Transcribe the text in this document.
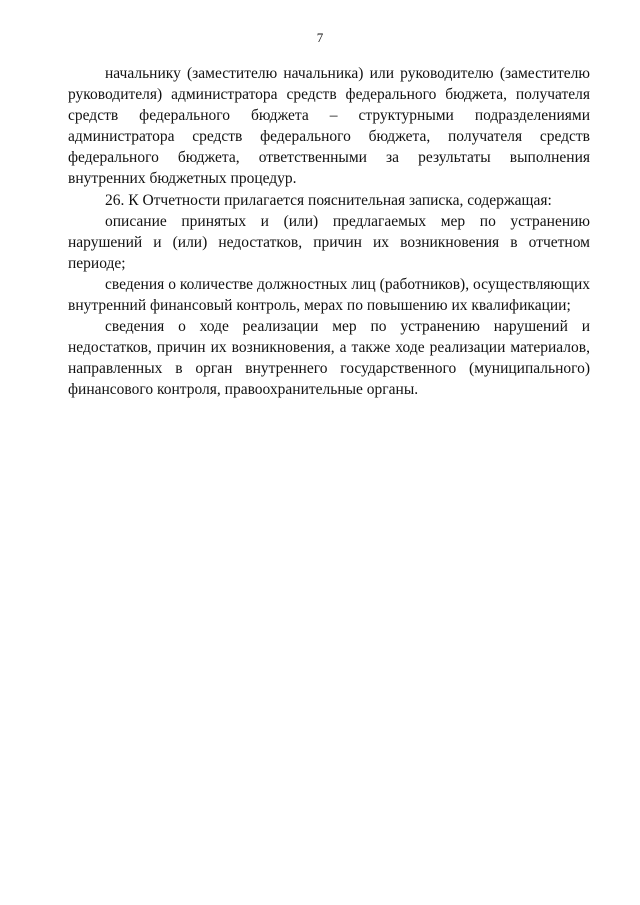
7

начальнику (заместителю начальника) или руководителю (заместителю руководителя) администратора средств федерального бюджета, получателя средств федерального бюджета – структурными подразделениями администратора средств федерального бюджета, получателя средств федерального бюджета, ответственными за результаты выполнения внутренних бюджетных процедур.

26. К Отчетности прилагается пояснительная записка, содержащая:

описание принятых и (или) предлагаемых мер по устранению нарушений и (или) недостатков, причин их возникновения в отчетном периоде;

сведения о количестве должностных лиц (работников), осуществляющих внутренний финансовый контроль, мерах по повышению их квалификации;

сведения о ходе реализации мер по устранению нарушений и недостатков, причин их возникновения, а также ходе реализации материалов, направленных в орган внутреннего государственного (муниципального) финансового контроля, правоохранительные органы.
